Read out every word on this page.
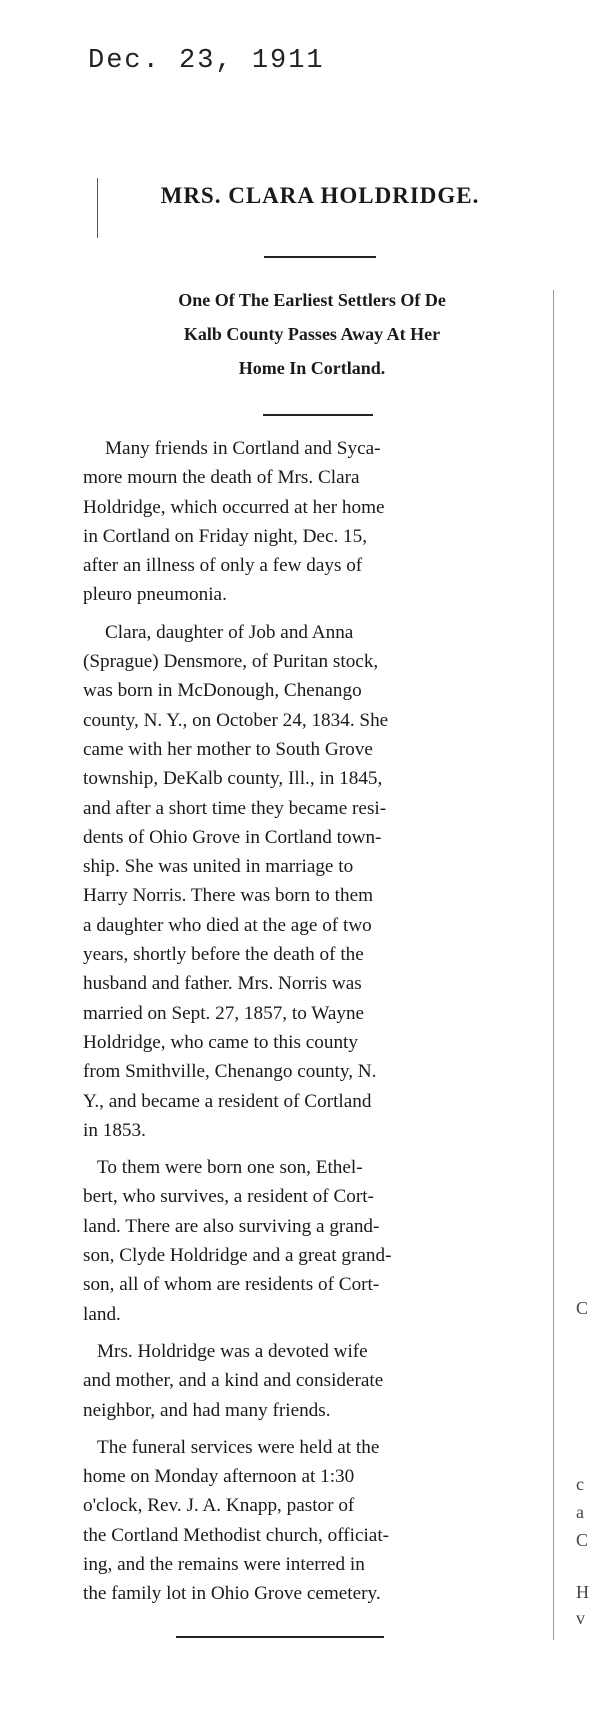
Dec. 23, 1911
MRS. CLARA HOLDRIDGE.
One Of The Earliest Settlers Of De
Kalb County Passes Away At Her
Home In Cortland.
Many friends in Cortland and Syca-
more mourn the death of Mrs. Clara
Holdridge, which occurred at her home
in Cortland on Friday night, Dec. 15,
after an illness of only a few days of
pleuro pneumonia.
Clara, daughter of Job and Anna
(Sprague) Densmore, of Puritan stock,
was born in McDonough, Chenango
county, N. Y., on October 24, 1834. She
came with her mother to South Grove
township, DeKalb county, Ill., in 1845,
and after a short time they became resi-
dents of Ohio Grove in Cortland town-
ship. She was united in marriage to
Harry Norris. There was born to them
a daughter who died at the age of two
years, shortly before the death of the
husband and father. Mrs. Norris was
married on Sept. 27, 1857, to Wayne
Holdridge, who came to this county
from Smithville, Chenango county, N.
Y., and became a resident of Cortland
in 1853.
To them were born one son, Ethel-
bert, who survives, a resident of Cort-
land. There are also surviving a grand-
son, Clyde Holdridge and a great grand-
son, all of whom are residents of Cort-
land.
Mrs. Holdridge was a devoted wife
and mother, and a kind and considerate
neighbor, and had many friends.
The funeral services were held at the
home on Monday afternoon at 1:30
o'clock, Rev. J. A. Knapp, pastor of
the Cortland Methodist church, officiat-
ing, and the remains were interred in
the family lot in Ohio Grove cemetery.
C
c
a
C
H
v
